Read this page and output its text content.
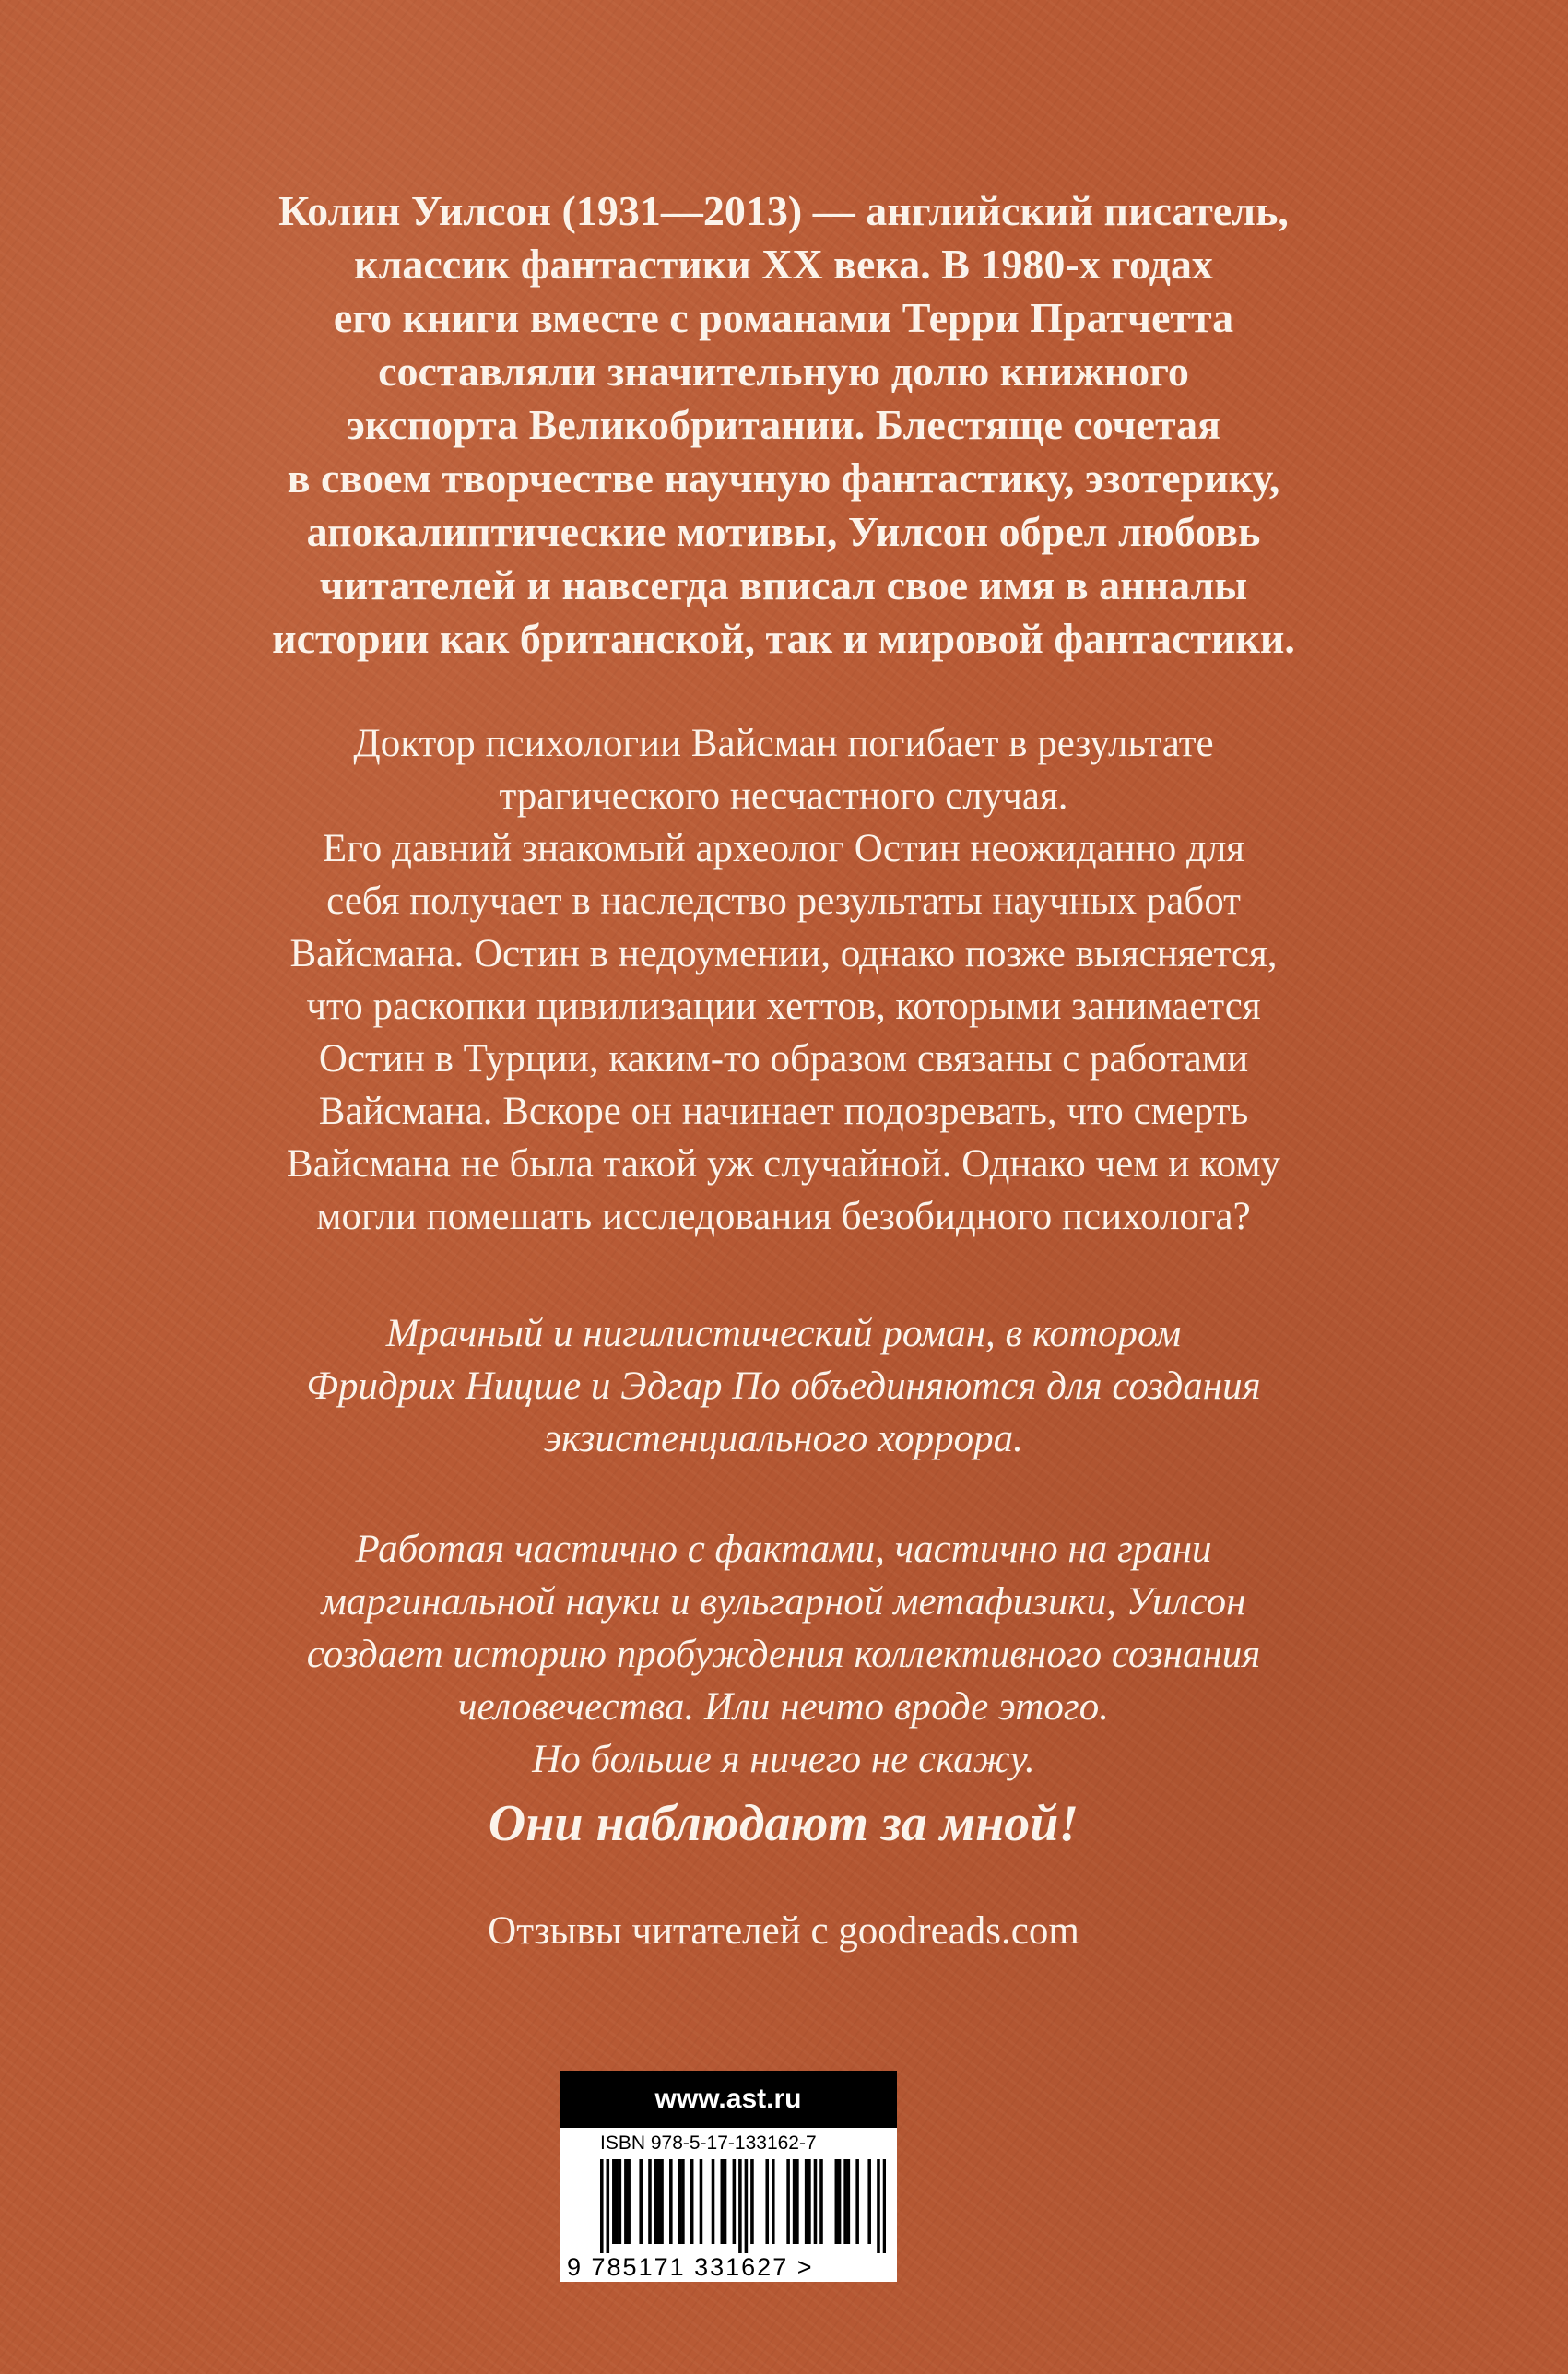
Колин Уилсон (1931—2013) — английский писатель,
классик фантастики XX века. В 1980-х годах
его книги вместе с романами Терри Пратчетта
составляли значительную долю книжного
экспорта Великобритании. Блестяще сочетая
в своем творчестве научную фантастику, эзотерику,
апокалиптические мотивы, Уилсон обрел любовь
читателей и навсегда вписал свое имя в анналы
истории как британской, так и мировой фантастики.

Доктор психологии Вайсман погибает в результате
трагического несчастного случая.
Его давний знакомый археолог Остин неожиданно для
себя получает в наследство результаты научных работ
Вайсмана. Остин в недоумении, однако позже выясняется,
что раскопки цивилизации хеттов, которыми занимается
Остин в Турции, каким-то образом связаны с работами
Вайсмана. Вскоре он начинает подозревать, что смерть
Вайсмана не была такой уж случайной. Однако чем и кому
могли помешать исследования безобидного психолога?

Мрачный и нигилистический роман, в котором
Фридрих Ницше и Эдгар По объединяются для создания
экзистенциального хоррора.

Работая частично с фактами, частично на грани
маргинальной науки и вульгарной метафизики, Уилсон
создает историю пробуждения коллективного сознания
человечества. Или нечто вроде этого.
Но больше я ничего не скажу.

Они наблюдают за мной!

Отзывы читателей с goodreads.com

www.ast.ru
ISBN 978-5-17-133162-7
9 785171 331627 >
